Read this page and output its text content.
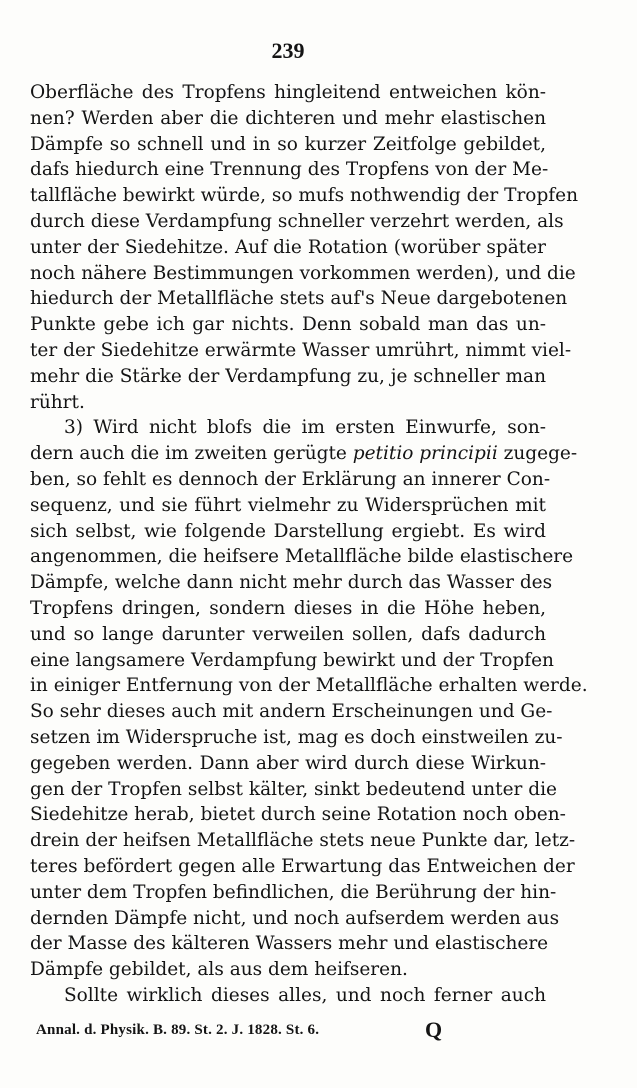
239
Oberfläche des Tropfens hingleitend entweichen kön-
nen? Werden aber die dichteren und mehr elastischen
Dämpfe so schnell und in so kurzer Zeitfolge gebildet,
dafs hiedurch eine Trennung des Tropfens von der Me-
tallfläche bewirkt würde, so mufs nothwendig der Tropfen
durch diese Verdampfung schneller verzehrt werden, als
unter der Siedehitze. Auf die Rotation (worüber später
noch nähere Bestimmungen vorkommen werden), und die
hiedurch der Metallfläche stets auf's Neue dargebotenen
Punkte gebe ich gar nichts. Denn sobald man das un-
ter der Siedehitze erwärmte Wasser umrührt, nimmt viel-
mehr die Stärke der Verdampfung zu, je schneller man
rührt.
3) Wird nicht blofs die im ersten Einwurfe, son-
dern auch die im zweiten gerügte petitio principii zugege-
ben, so fehlt es dennoch der Erklärung an innerer Con-
sequenz, und sie führt vielmehr zu Widersprüchen mit
sich selbst, wie folgende Darstellung ergiebt. Es wird
angenommen, die heifsere Metallfläche bilde elastischere
Dämpfe, welche dann nicht mehr durch das Wasser des
Tropfens dringen, sondern dieses in die Höhe heben,
und so lange darunter verweilen sollen, dafs dadurch
eine langsamere Verdampfung bewirkt und der Tropfen
in einiger Entfernung von der Metallfläche erhalten werde.
So sehr dieses auch mit andern Erscheinungen und Ge-
setzen im Widerspruche ist, mag es doch einstweilen zu-
gegeben werden. Dann aber wird durch diese Wirkun-
gen der Tropfen selbst kälter, sinkt bedeutend unter die
Siedehitze herab, bietet durch seine Rotation noch oben-
drein der heifsen Metallfläche stets neue Punkte dar, letz-
teres befördert gegen alle Erwartung das Entweichen der
unter dem Tropfen befindlichen, die Berührung der hin-
dernden Dämpfe nicht, und noch aufserdem werden aus
der Masse des kälteren Wassers mehr und elastischere
Dämpfe gebildet, als aus dem heifseren.
Sollte wirklich dieses alles, und noch ferner auch
Annal. d. Physik. B. 89. St. 2. J. 1828. St. 6.	Q
